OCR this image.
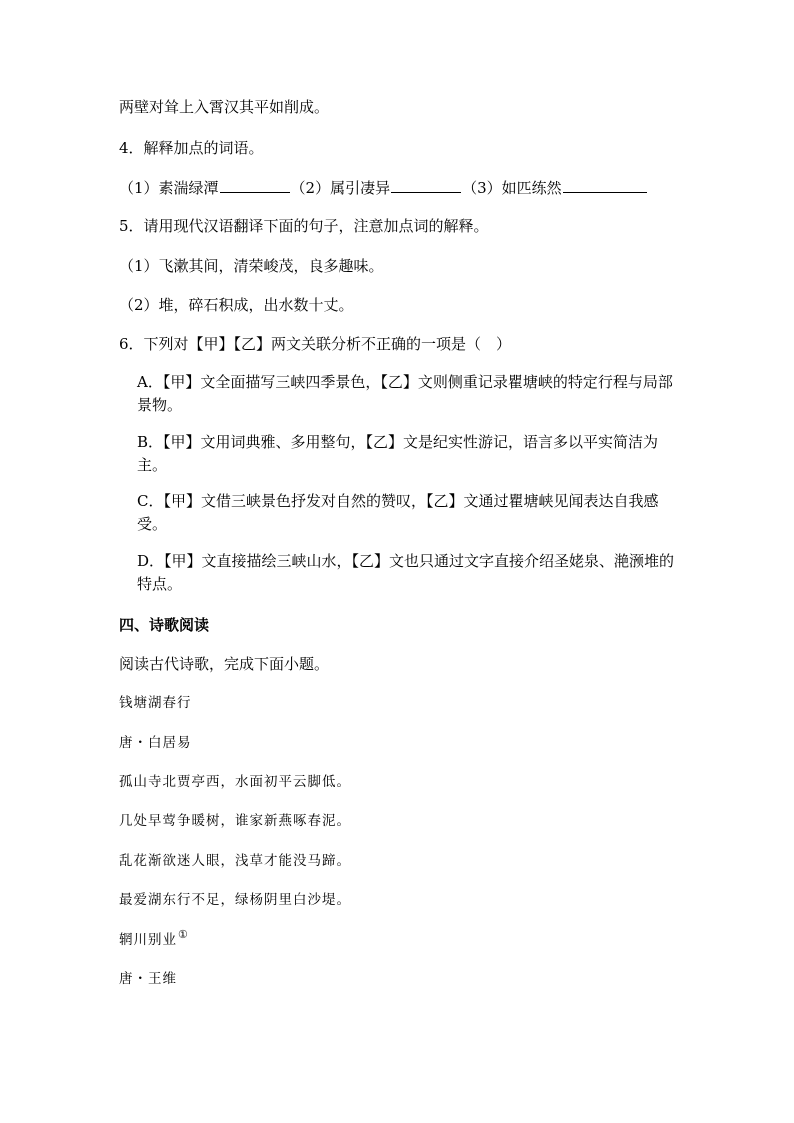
两壁对耸上入霄汉其平如削成。
4．解释加点的词语。
（1）素湍绿潭	（2）属引凄异	（3）如匹练然
5．请用现代汉语翻译下面的句子，注意加点词的解释。
（1）飞漱其间，清荣峻茂，良多趣味。
（2）堆，碎石积成，出水数十丈。
6．下列对【甲】【乙】两文关联分析不正确的一项是（　）
A．【甲】文全面描写三峡四季景色，【乙】文则侧重记录瞿塘峡的特定行程与局部景物。
B．【甲】文用词典雅、多用整句，【乙】文是纪实性游记，语言多以平实简洁为主。
C．【甲】文借三峡景色抒发对自然的赞叹，【乙】文通过瞿塘峡见闻表达自我感受。
D．【甲】文直接描绘三峡山水，【乙】文也只通过文字直接介绍圣姥泉、滟滪堆的特点。
四、诗歌阅读
阅读古代诗歌，完成下面小题。
钱塘湖春行
唐・白居易
孤山寺北贾亭西，水面初平云脚低。
几处早莺争暖树，谁家新燕啄春泥。
乱花渐欲迷人眼，浅草才能没马蹄。
最爱湖东行不足，绿杨阴里白沙堤。
辋川别业①
唐・王维
